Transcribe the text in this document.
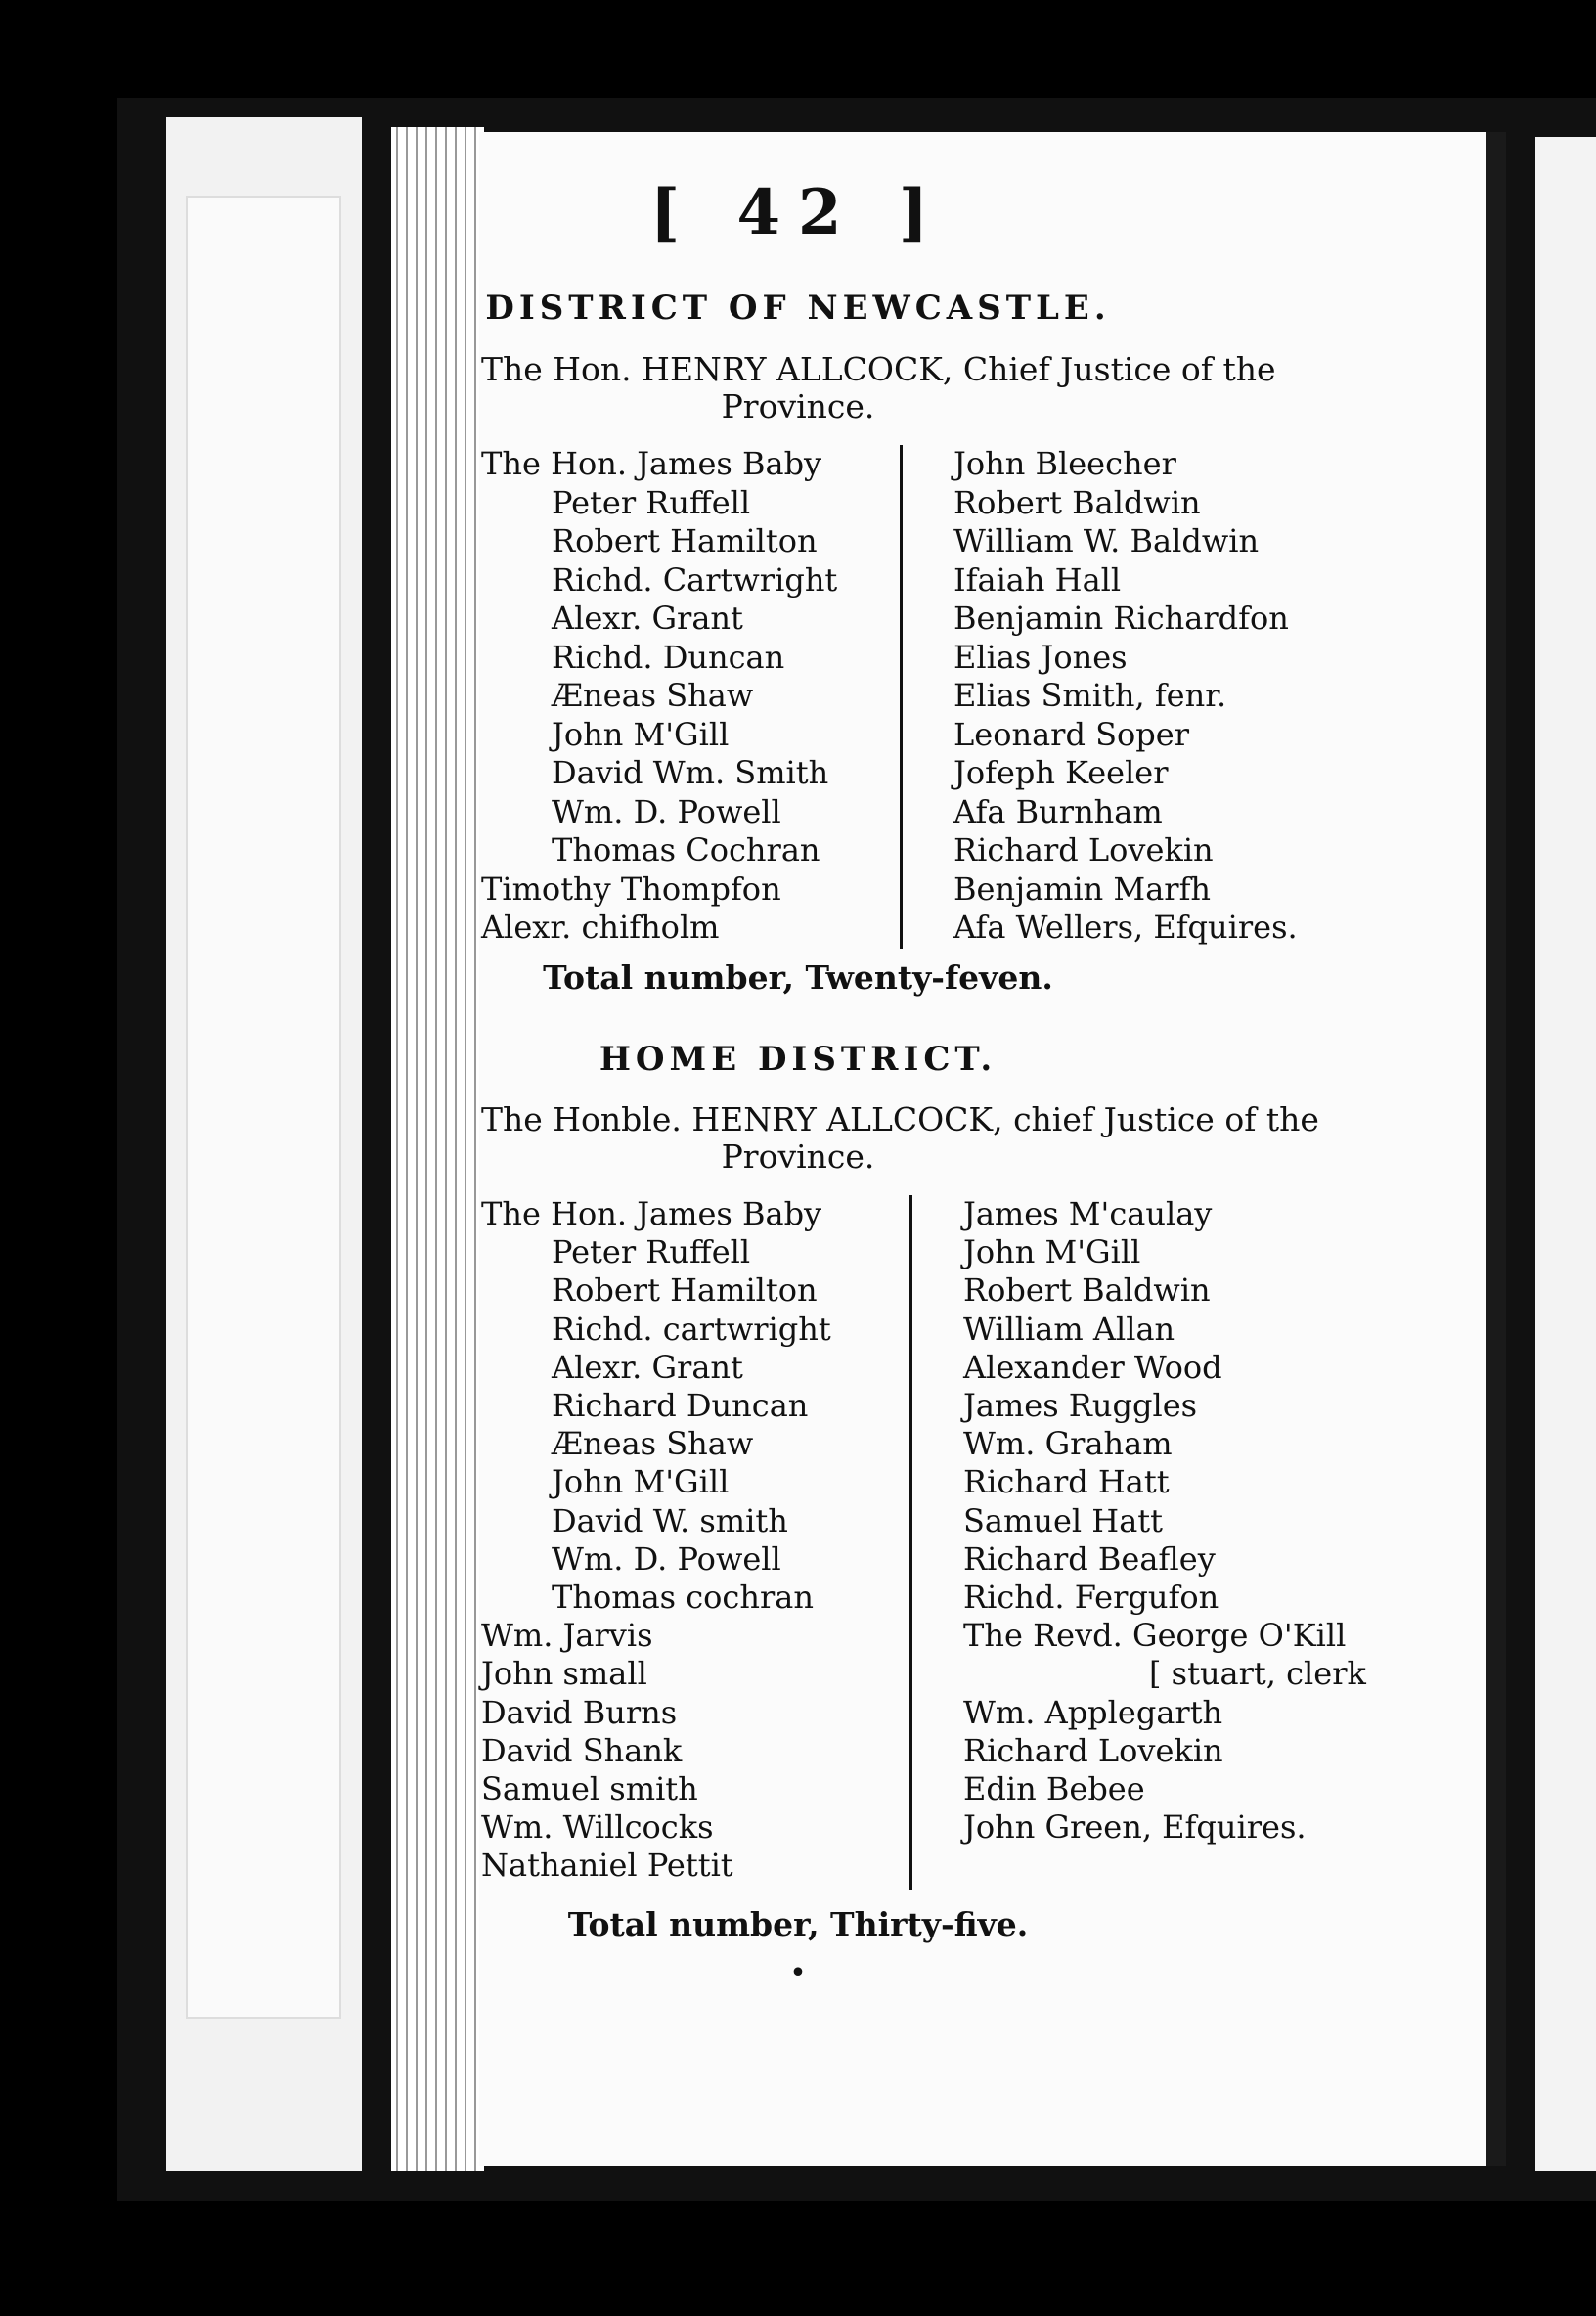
[ 42 ]
DISTRICT OF NEWCASTLE.
The Hon. HENRY ALLCOCK, Chief Justice of the
Province.
The Hon. James Baby
Peter Ruffell
Robert Hamilton
Richd. Cartwright
Alexr. Grant
Richd. Duncan
Æneas Shaw
John M'Gill
David Wm. Smith
Wm. D. Powell
Thomas Cochran
Timothy Thompfon
Alexr. chifholm
John Bleecher
Robert Baldwin
William W. Baldwin
Ifaiah Hall
Benjamin Richardfon
Elias Jones
Elias Smith, fenr.
Leonard Soper
Jofeph Keeler
Afa Burnham
Richard Lovekin
Benjamin Marfh
Afa Wellers, Efquires.
Total number, Twenty-feven.
HOME DISTRICT.
The Honble. HENRY ALLCOCK, chief Justice of the
Province.
The Hon. James Baby
Peter Ruffell
Robert Hamilton
Richd. cartwright
Alexr. Grant
Richard Duncan
Æneas Shaw
John M'Gill
David W. smith
Wm. D. Powell
Thomas cochran
Wm. Jarvis
John small
David Burns
David Shank
Samuel smith
Wm. Willcocks
Nathaniel Pettit
James M'caulay
John M'Gill
Robert Baldwin
William Allan
Alexander Wood
James Ruggles
Wm. Graham
Richard Hatt
Samuel Hatt
Richard Beafley
Richd. Fergufon
The Revd. George O'Kill
[ stuart, clerk
Wm. Applegarth
Richard Lovekin
Edin Bebee
John Green, Efquires.
Total number, Thirty-five.
•
